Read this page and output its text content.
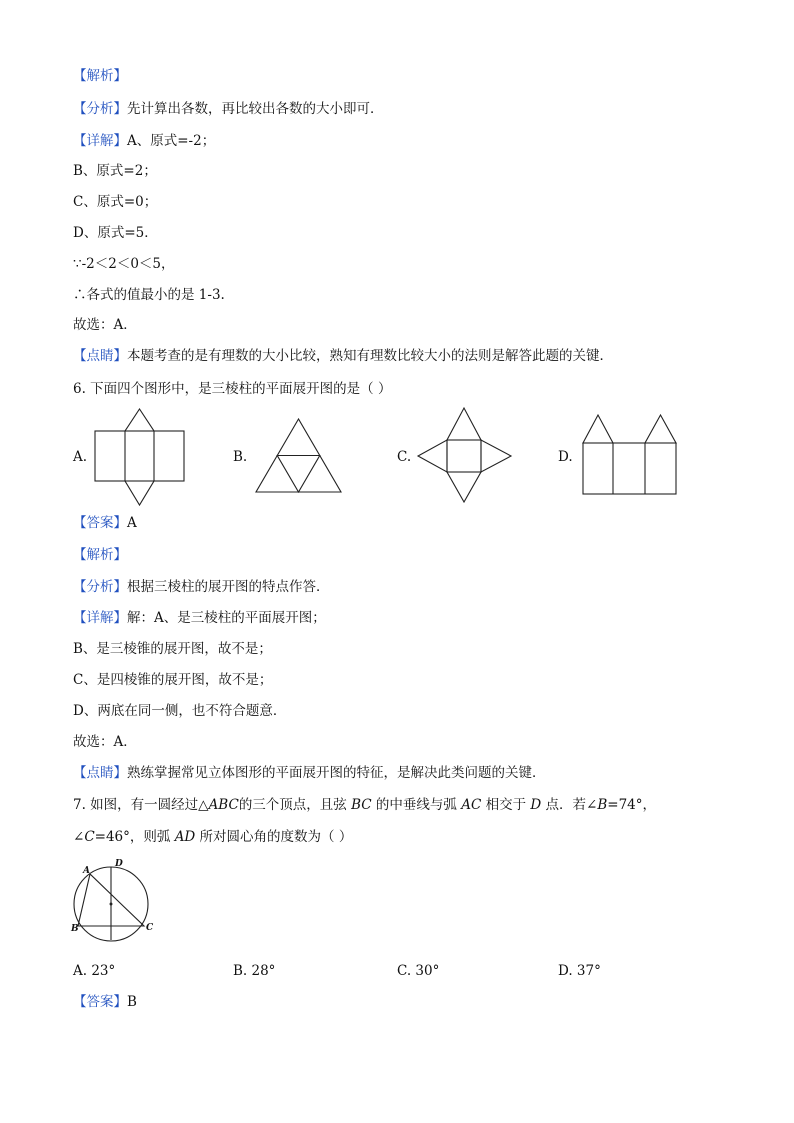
【解析】
【分析】先计算出各数，再比较出各数的大小即可．
【详解】A、原式=-2；
B、原式=2；
C、原式=0；
D、原式=5．
∵-2＜2＜0＜5，
∴各式的值最小的是 1-3.
故选：A．
【点睛】本题考查的是有理数的大小比较，熟知有理数比较大小的法则是解答此题的关键．
6. 下面四个图形中，是三棱柱的平面展开图的是（ ）
A.	B.	C.	D.
【答案】A
【解析】
【分析】根据三棱柱的展开图的特点作答．
【详解】解：A、是三棱柱的平面展开图；
B、是三棱锥的展开图，故不是；
C、是四棱锥的展开图，故不是；
D、两底在同一侧，也不符合题意．
故选：A．
【点睛】熟练掌握常见立体图形的平面展开图的特征，是解决此类问题的关键．
7. 如图，有一圆经过△ABC的三个顶点，且弦 BC 的中垂线与弧 AC 相交于 D 点．若∠B=74°，
∠C=46°，则弧 AD 所对圆心角的度数为（ ）
A
D
B	C
A. 23°	B. 28°	C. 30°	D. 37°
【答案】B
